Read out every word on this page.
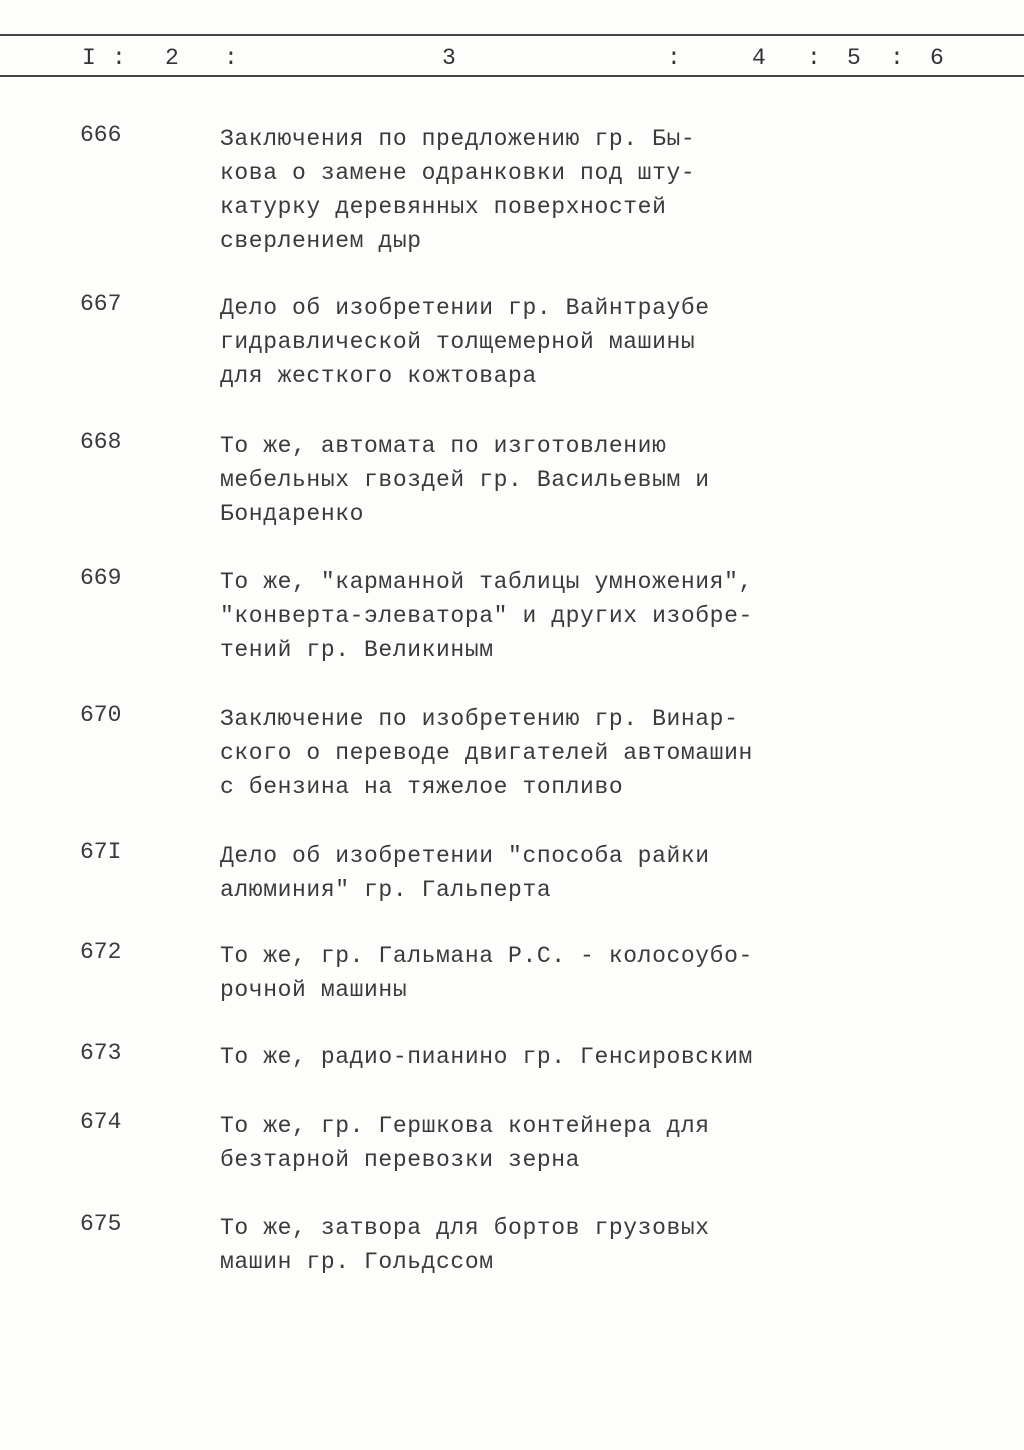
I : 2 :	3	:	4 : 5 : 6
666	Заключения по предложению гр. Бы-
кова о замене одранковки под шту-
катурку деревянных поверхностей
сверлением дыр
667	Дело об изобретении гр. Вайнтраубе
гидравлической толщемерной машины
для жесткого кожтовара
668	То же, автомата по изготовлению
мебельных гвоздей гр. Васильевым и
Бондаренко
669	То же, "карманной таблицы умножения",
"конверта-элеватора" и других изобре-
тений гр. Великиным
670	Заключение по изобретению гр. Винар-
ского о переводе двигателей автомашин
с бензина на тяжелое топливо
67I	Дело об изобретении "способа райки
алюминия" гр. Гальперта
672	То же, гр. Гальмана Р.С. - колосоубо-
рочной машины
673	То же, радио-пианино гр. Генсировским
674	То же, гр. Гершкова контейнера для
безтарной перевозки зерна
675	То же, затвора для бортов грузовых
машин гр. Гольдссом
